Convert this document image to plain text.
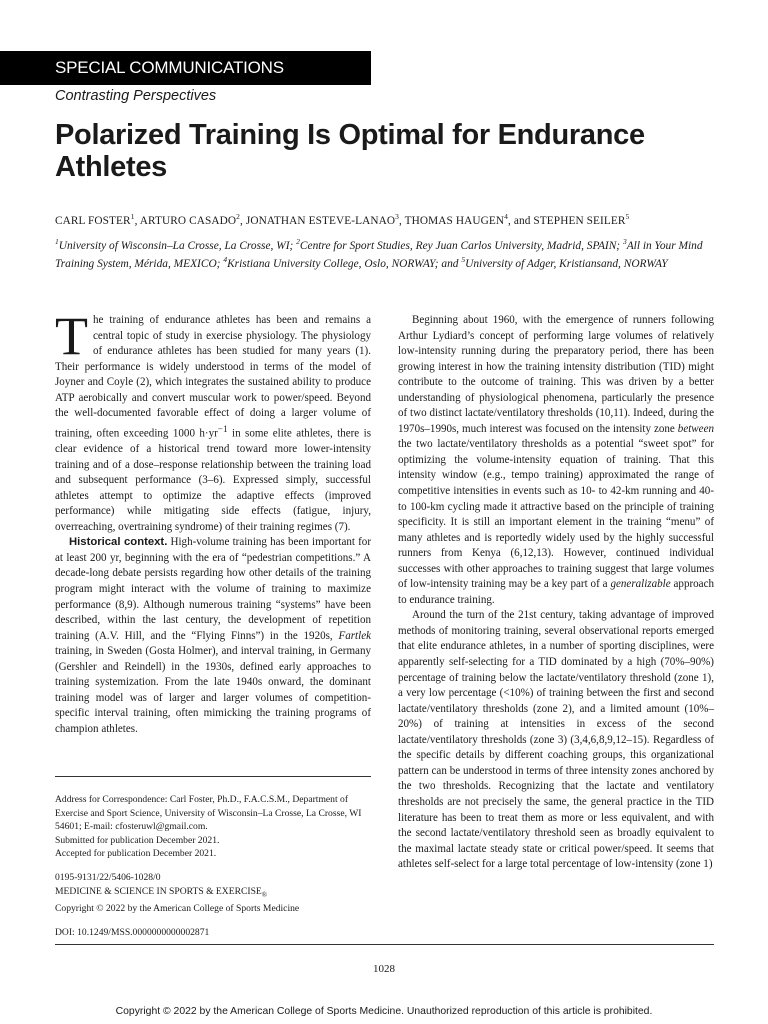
SPECIAL COMMUNICATIONS
Contrasting Perspectives
Polarized Training Is Optimal for Endurance Athletes
CARL FOSTER$^1$, ARTURO CASADO$^2$, JONATHAN ESTEVE-LANAO$^3$, THOMAS HAUGEN$^4$, and STEPHEN SEILER$^5$
$^1$University of Wisconsin–La Crosse, La Crosse, WI; $^2$Centre for Sport Studies, Rey Juan Carlos University, Madrid, SPAIN; $^3$All in Your Mind Training System, Mérida, MEXICO; $^4$Kristiana University College, Oslo, NORWAY; and $^5$University of Adger, Kristiansand, NORWAY

The training of endurance athletes has been and remains a central topic of study in exercise physiology. The physiology of endurance athletes has been studied for many years (1). Their performance is widely understood in terms of the model of Joyner and Coyle (2), which integrates the sustained ability to produce ATP aerobically and convert muscular work to power/speed. Beyond the well-documented favorable effect of doing a larger volume of training, often exceeding 1000 $h\cdot yr^{-1}$ in some elite athletes, there is clear evidence of a historical trend toward more lower-intensity training and of a dose–response relationship between the training load and subsequent performance (3–6). Expressed simply, successful athletes attempt to optimize the adaptive effects (improved performance) while mitigating side effects (fatigue, injury, overreaching, overtraining syndrome) of their training regimes (7).

Historical context. High-volume training has been important for at least 200 yr, beginning with the era of “pedestrian competitions.” A decade-long debate persists regarding how other details of the training program might interact with the volume of training to maximize performance (8,9). Although numerous training “systems” have been described, within the last century, the development of repetition training (A.V. Hill, and the “Flying Finns”) in the 1920s, Fartlek training, in Sweden (Gosta Holmer), and interval training, in Germany (Gershler and Reindell) in the 1930s, defined early approaches to training systemization. From the late 1940s onward, the dominant training model was of larger and larger volumes of competition-specific interval training, often mimicking the training programs of champion athletes.

Address for Correspondence: Carl Foster, Ph.D., F.A.C.S.M., Department of Exercise and Sport Science, University of Wisconsin–La Crosse, La Crosse, WI 54601; E-mail: cfosteruwl@gmail.com.

Submitted for publication December 2021.

Accepted for publication December 2021.

0195-9131/22/5406-1028/0

MEDICINE & SCIENCE IN SPORTS & $EXERCISE_®$

Copyright © 2022 by the American College of Sports Medicine

DOI: 10.1249/MSS.0000000000002871

Beginning about 1960, with the emergence of runners following Arthur Lydiard’s concept of performing large volumes of relatively low-intensity running during the preparatory period, there has been growing interest in how the training intensity distribution (TID) might contribute to the outcome of training. This was driven by a better understanding of physiological phenomena, particularly the presence of two distinct lactate/ventilatory thresholds (10,11). Indeed, during the 1970s–1990s, much interest was focused on the intensity zone between the two lactate/ventilatory thresholds as a potential “sweet spot” for optimizing the volume-intensity equation of training. That this intensity window (e.g., tempo training) approximated the range of competitive intensities in events such as 10- to 42-km running and 40- to 100-km cycling made it attractive based on the principle of training specificity. It is still an important element in the training “menu” of many athletes and is reportedly widely used by the highly successful runners from Kenya (6,12,13). However, continued individual successes with other approaches to training suggest that large volumes of low-intensity training may be a key part of a generalizable approach to endurance training.

Around the turn of the 21st century, taking advantage of improved methods of monitoring training, several observational reports emerged that elite endurance athletes, in a number of sporting disciplines, were apparently self-selecting for a TID dominated by a high (70%–90%) percentage of training below the lactate/ventilatory threshold (zone 1), a very low percentage (<10%) of training between the first and second lactate/ventilatory thresholds (zone 2), and a limited amount (10%–20%) of training at intensities in excess of the second lactate/ventilatory thresholds (zone 3) (3,4,6,8,9,12–15). Regardless of the specific details by different coaching groups, this organizational pattern can be understood in terms of three intensity zones anchored by the two thresholds. Recognizing that the lactate and ventilatory thresholds are not precisely the same, the general practice in the TID literature has been to treat them as more or less equivalent, and with the second lactate/ventilatory threshold seen as broadly equivalent to the maximal lactate steady state or critical power/speed. It seems that athletes self-select for a large total percentage of low-intensity (zone 1)

1028
Copyright © 2022 by the American College of Sports Medicine. Unauthorized reproduction of this article is prohibited.
